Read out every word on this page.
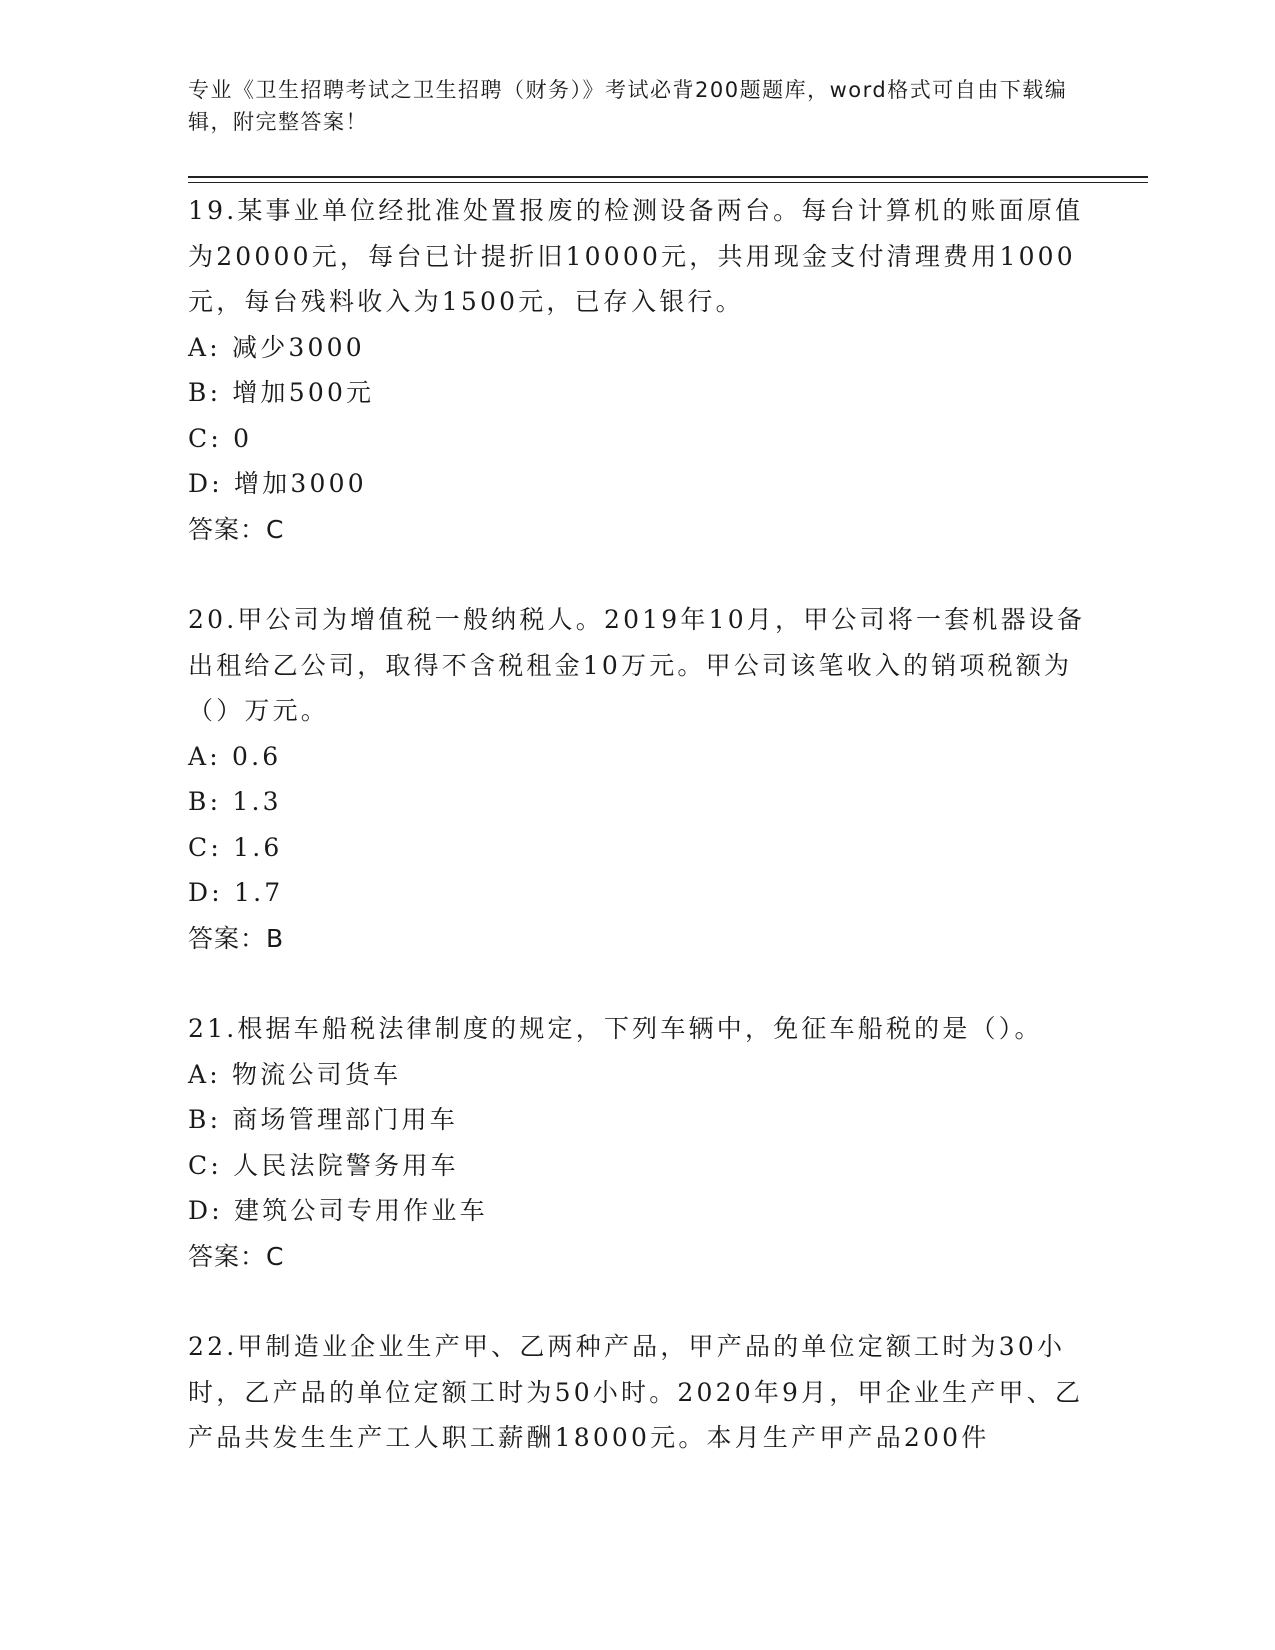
专业《卫生招聘考试之卫生招聘（财务）》考试必背200题题库，word格式可自由下载编辑，附完整答案！

19.某事业单位经批准处置报废的检测设备两台。每台计算机的账面原值为20000元，每台已计提折旧10000元，共用现金支付清理费用1000元，每台残料收入为1500元，已存入银行。

A: 减少3000

B: 增加500元

C: 0

D: 增加3000

答案：C

20.甲公司为增值税一般纳税人。2019年10月，甲公司将一套机器设备出租给乙公司，取得不含税租金10万元。甲公司该笔收入的销项税额为（）万元。

A: 0.6

B: 1.3

C: 1.6

D: 1.7

答案：B

21.根据车船税法律制度的规定，下列车辆中，免征车船税的是（）。

A: 物流公司货车

B: 商场管理部门用车

C: 人民法院警务用车

D: 建筑公司专用作业车

答案：C

22.甲制造业企业生产甲、乙两种产品，甲产品的单位定额工时为30小时，乙产品的单位定额工时为50小时。2020年9月，甲企业生产甲、乙产品共发生生产工人职工薪酬18000元。本月生产甲产品200件
